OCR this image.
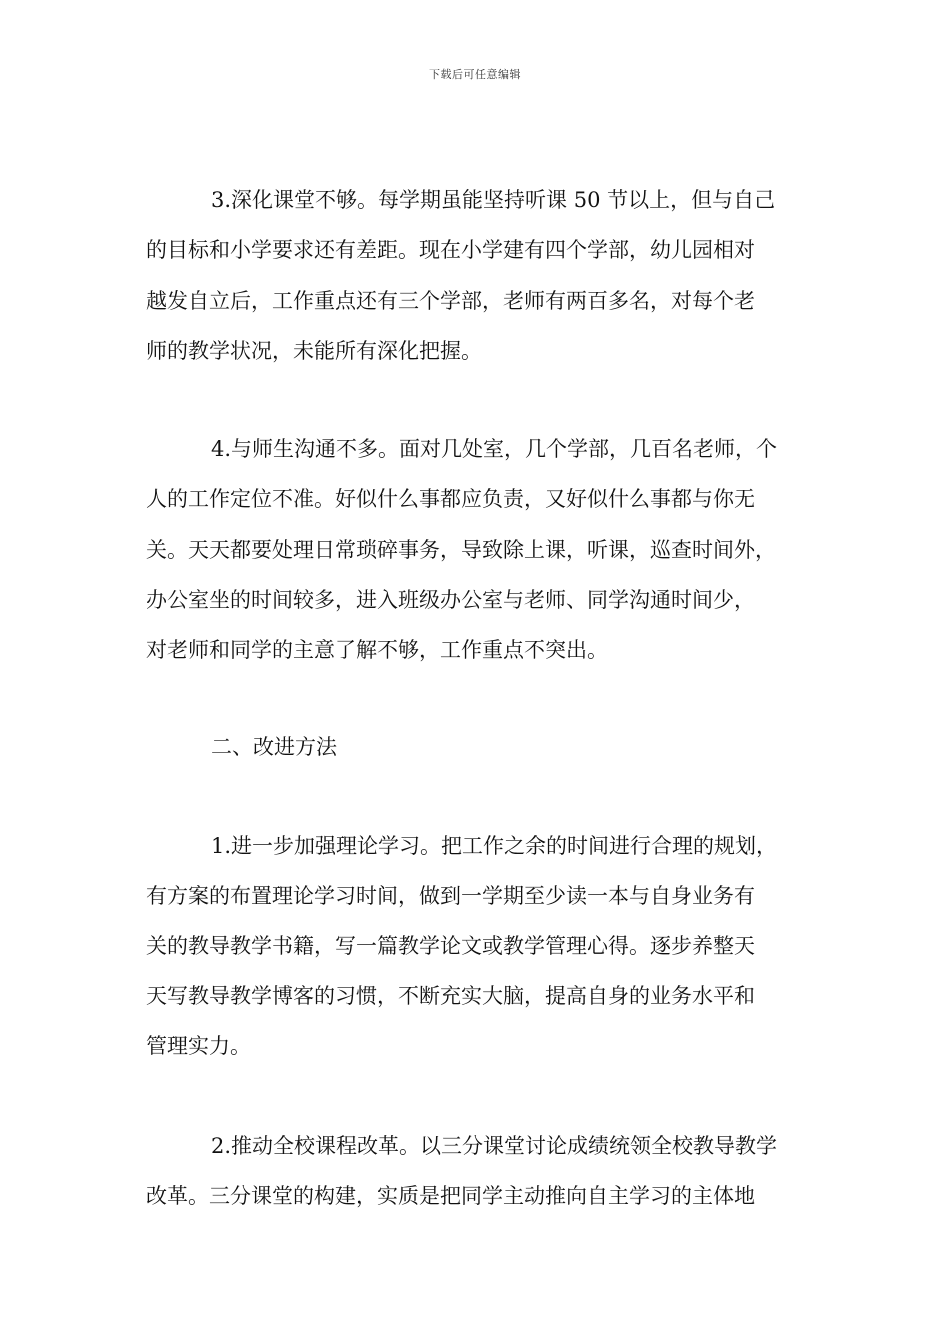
下载后可任意编辑
3.深化课堂不够。每学期虽能坚持听课 50 节以上，但与自己
的目标和小学要求还有差距。现在小学建有四个学部，幼儿园相对
越发自立后，工作重点还有三个学部，老师有两百多名，对每个老
师的教学状况，未能所有深化把握。
4.与师生沟通不多。面对几处室，几个学部，几百名老师，个
人的工作定位不准。好似什么事都应负责，又好似什么事都与你无
关。天天都要处理日常琐碎事务，导致除上课，听课，巡查时间外，
办公室坐的时间较多，进入班级办公室与老师、同学沟通时间少，
对老师和同学的主意了解不够，工作重点不突出。
二、改进方法
1.进一步加强理论学习。把工作之余的时间进行合理的规划，
有方案的布置理论学习时间，做到一学期至少读一本与自身业务有
关的教导教学书籍，写一篇教学论文或教学管理心得。逐步养整天
天写教导教学博客的习惯，不断充实大脑，提高自身的业务水平和
管理实力。
2.推动全校课程改革。以三分课堂讨论成绩统领全校教导教学
改革。三分课堂的构建，实质是把同学主动推向自主学习的主体地
